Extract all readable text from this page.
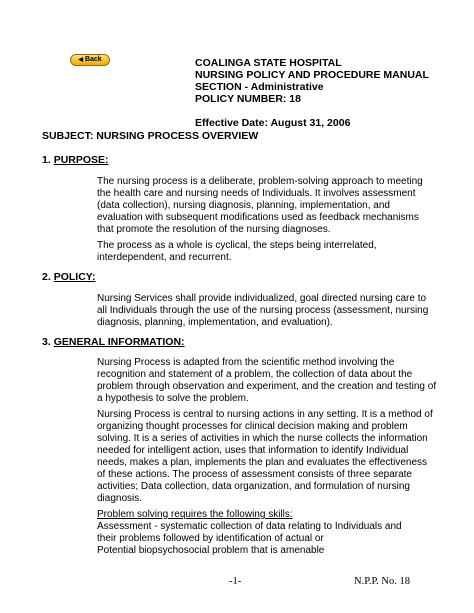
◀ Back	COALINGA STATE HOSPITAL
NURSING POLICY AND PROCEDURE MANUAL
SECTION - Administrative
POLICY NUMBER: 18
Effective Date: August 31, 2006
SUBJECT: NURSING PROCESS OVERVIEW
1. PURPOSE:

The nursing process is a deliberate, problem-solving approach to meeting the health care and nursing needs of Individuals. It involves assessment (data collection), nursing diagnosis, planning, implementation, and evaluation with subsequent modifications used as feedback mechanisms that promote the resolution of the nursing diagnoses.

The process as a whole is cyclical, the steps being interrelated, interdependent, and recurrent.

2. POLICY:

Nursing Services shall provide individualized, goal directed nursing care to all Individuals through the use of the nursing process (assessment, nursing diagnosis, planning, implementation, and evaluation).

3. GENERAL INFORMATION:

Nursing Process is adapted from the scientific method involving the recognition and statement of a problem, the collection of data about the problem through observation and experiment, and the creation and testing of a hypothesis to solve the problem.

Nursing Process is central to nursing actions in any setting. It is a method of organizing thought processes for clinical decision making and problem solving. It is a series of activities in which the nurse collects the information needed for intelligent action, uses that information to identify Individual needs, makes a plan, implements the plan and evaluates the effectiveness of these actions. The process of assessment consists of three separate activities; Data collection, data organization, and formulation of nursing diagnosis.

Problem solving requires the following skills:

Assessment - systematic collection of data relating to Individuals and

their problems followed by identification of actual or

Potential biopsychosocial problem that is amenable

-1-	N.P.P. No. 18
